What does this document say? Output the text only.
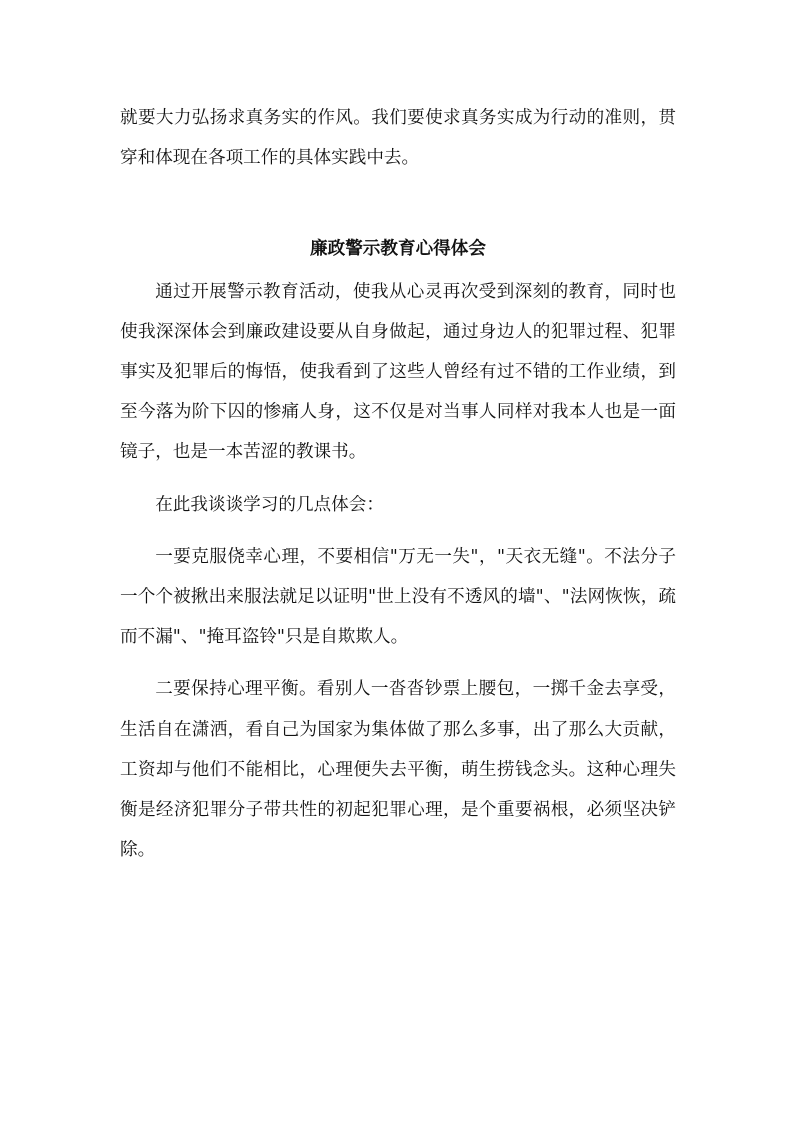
就要大力弘扬求真务实的作风。我们要使求真务实成为行动的准则，贯穿和体现在各项工作的具体实践中去。

廉政警示教育心得体会

通过开展警示教育活动，使我从心灵再次受到深刻的教育，同时也使我深深体会到廉政建设要从自身做起，通过身边人的犯罪过程、犯罪事实及犯罪后的悔悟，使我看到了这些人曾经有过不错的工作业绩，到至今落为阶下囚的惨痛人身，这不仅是对当事人同样对我本人也是一面镜子，也是一本苦涩的教课书。

在此我谈谈学习的几点体会：

一要克服侥幸心理，不要相信"万无一失"，"天衣无缝"。不法分子一个个被揪出来服法就足以证明"世上没有不透风的墙"、"法网恢恢，疏而不漏"、"掩耳盗铃"只是自欺欺人。

二要保持心理平衡。看别人一沓沓钞票上腰包，一掷千金去享受，生活自在潇洒，看自己为国家为集体做了那么多事，出了那么大贡献，工资却与他们不能相比，心理便失去平衡，萌生捞钱念头。这种心理失衡是经济犯罪分子带共性的初起犯罪心理，是个重要祸根，必须坚决铲除。
